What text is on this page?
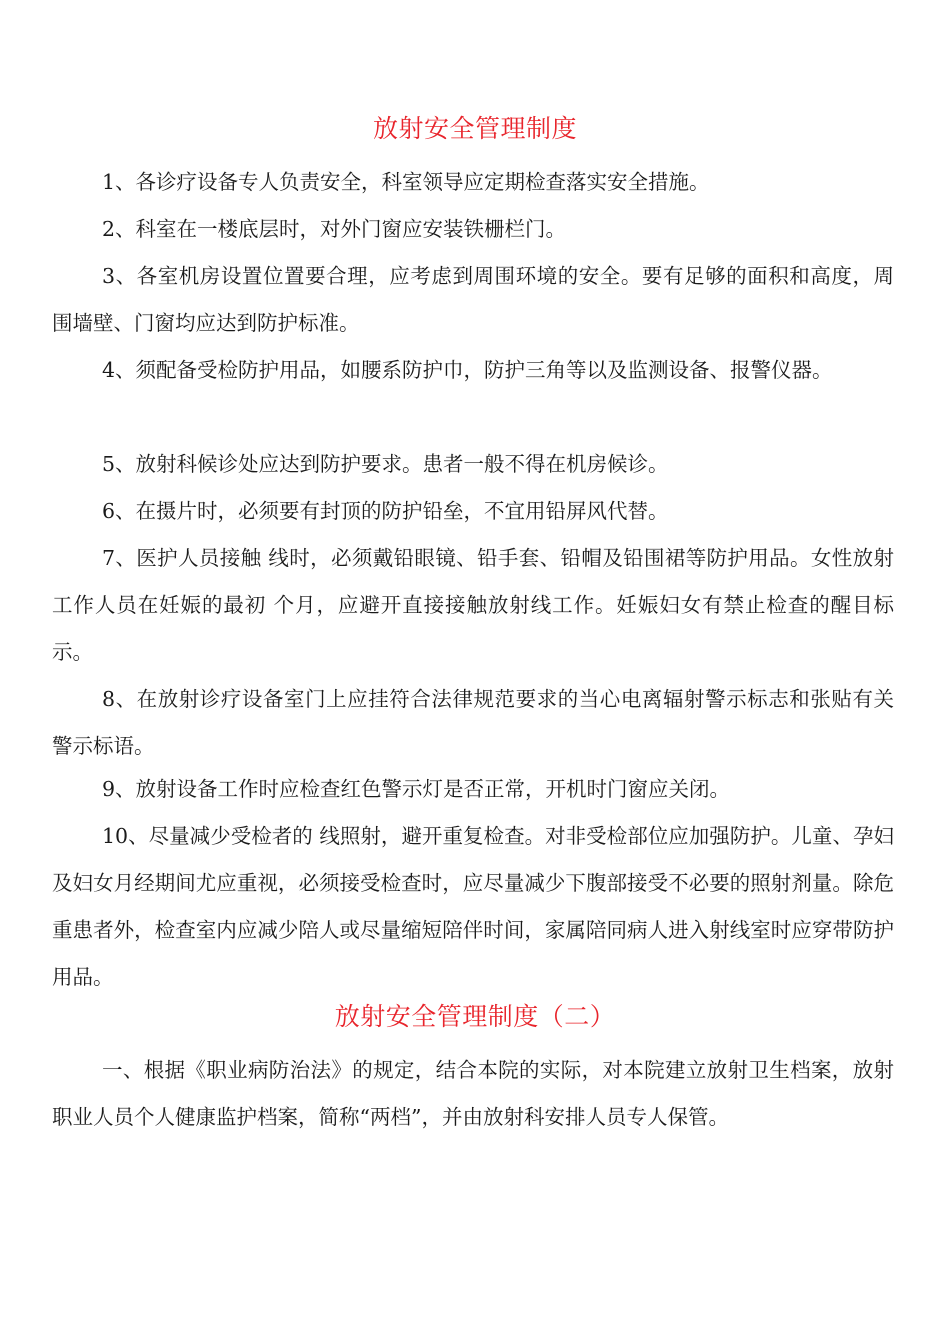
放射安全管理制度

1、各诊疗设备专人负责安全，科室领导应定期检查落实安全措施。

2、科室在一楼底层时，对外门窗应安装铁栅栏门。

3、各室机房设置位置要合理，应考虑到周围环境的安全。要有足够的面积和高度，周围墙壁、门窗均应达到防护标准。

4、须配备受检防护用品，如腰系防护巾，防护三角等以及监测设备、报警仪器。

5、放射科候诊处应达到防护要求。患者一般不得在机房候诊。

6、在摄片时，必须要有封顶的防护铅垒，不宜用铅屏风代替。

7、医护人员接触 线时，必须戴铅眼镜、铅手套、铅帽及铅围裙等防护用品。女性放射工作人员在妊娠的最初 个月，应避开直接接触放射线工作。妊娠妇女有禁止检查的醒目标示。

8、在放射诊疗设备室门上应挂符合法律规范要求的当心电离辐射警示标志和张贴有关警示标语。

9、放射设备工作时应检查红色警示灯是否正常，开机时门窗应关闭。

10、尽量减少受检者的 线照射，避开重复检查。对非受检部位应加强防护。儿童、孕妇及妇女月经期间尤应重视，必须接受检查时，应尽量减少下腹部接受不必要的照射剂量。除危重患者外，检查室内应减少陪人或尽量缩短陪伴时间，家属陪同病人进入射线室时应穿带防护用品。

放射安全管理制度（二）

一、根据《职业病防治法》的规定，结合本院的实际，对本院建立放射卫生档案，放射职业人员个人健康监护档案，简称“两档”，并由放射科安排人员专人保管。
